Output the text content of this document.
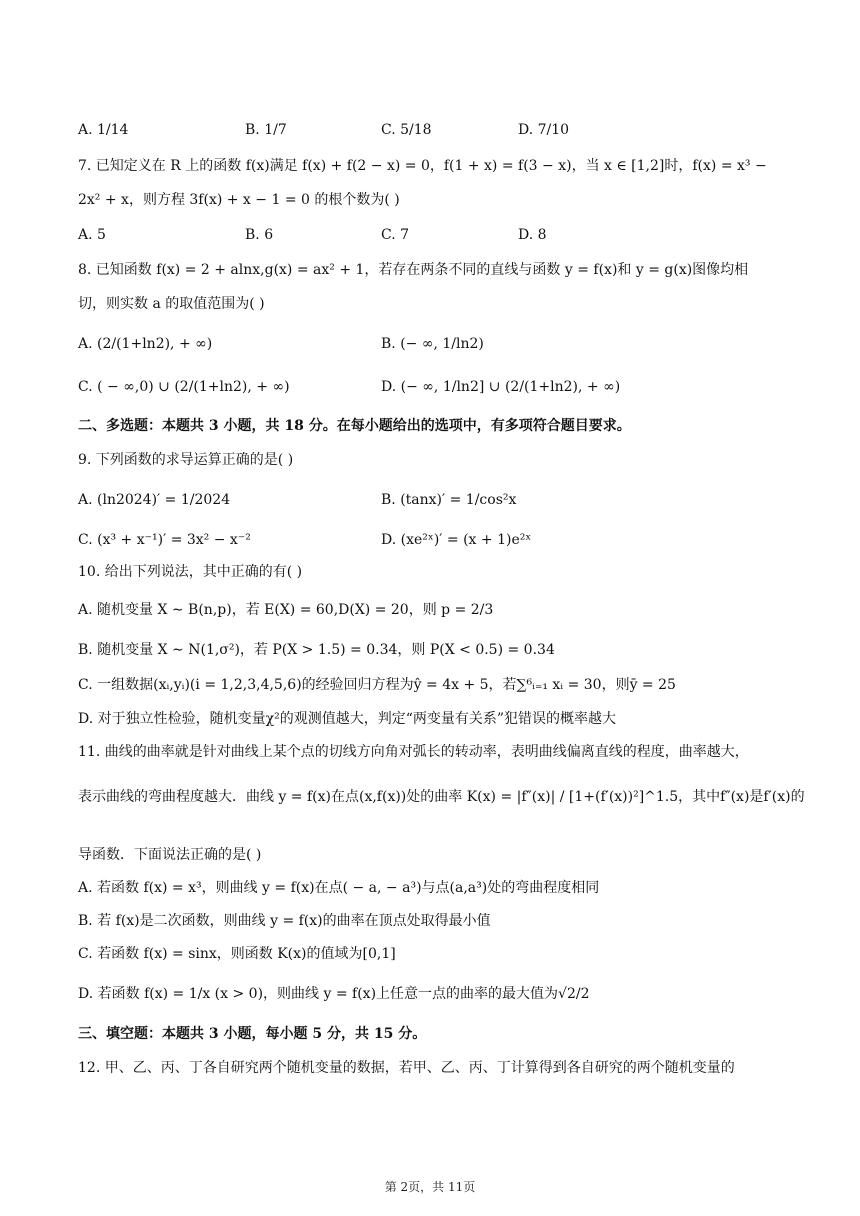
A. 1/14	B. 1/7	C. 5/18	D. 7/10
7. 已知定义在 R 上的函数 f(x)满足 f(x) + f(2 − x) = 0，f(1 + x) = f(3 − x)，当 x ∈ [1,2]时，f(x) = x³ −
2x² + x，则方程 3f(x) + x − 1 = 0 的根个数为( )
A. 5	B. 6	C. 7	D. 8
8. 已知函数 f(x) = 2 + alnx,g(x) = ax² + 1，若存在两条不同的直线与函数 y = f(x)和 y = g(x)图像均相
切，则实数 a 的取值范围为( )
A. (2/(1+ln2), + ∞)	B. (− ∞, 1/ln2)
C. ( − ∞,0) ∪ (2/(1+ln2), + ∞)	D. (− ∞, 1/ln2] ∪ (2/(1+ln2), + ∞)
二、多选题：本题共 3 小题，共 18 分。在每小题给出的选项中，有多项符合题目要求。
9. 下列函数的求导运算正确的是( )
A. (ln2024)′ = 1/2024	B. (tanx)′ = 1/cos²x
C. (x³ + x⁻¹)′ = 3x² − x⁻²	D. (xe²ˣ)′ = (x + 1)e²ˣ
10. 给出下列说法，其中正确的有( )
A. 随机变量 X ∼ B(n,p)，若 E(X) = 60,D(X) = 20，则 p = 2/3
B. 随机变量 X ∼ N(1,σ²)，若 P(X > 1.5) = 0.34，则 P(X < 0.5) = 0.34
C. 一组数据(xᵢ,yᵢ)(i = 1,2,3,4,5,6)的经验回归方程为ŷ = 4x + 5，若∑⁶ᵢ₌₁ xᵢ = 30，则ȳ = 25
D. 对于独立性检验，随机变量χ²的观测值越大，判定“两变量有关系”犯错误的概率越大
11. 曲线的曲率就是针对曲线上某个点的切线方向角对弧长的转动率，表明曲线偏离直线的程度，曲率越大，
表示曲线的弯曲程度越大．曲线 y = f(x)在点(x,f(x))处的曲率 K(x) = |f″(x)| / [1+(f′(x))²]^1.5，其中f″(x)是f′(x)的
导函数．下面说法正确的是( )
A. 若函数 f(x) = x³，则曲线 y = f(x)在点( − a, − a³)与点(a,a³)处的弯曲程度相同
B. 若 f(x)是二次函数，则曲线 y = f(x)的曲率在顶点处取得最小值
C. 若函数 f(x) = sinx，则函数 K(x)的值域为[0,1]
D. 若函数 f(x) = 1/x (x > 0)，则曲线 y = f(x)上任意一点的曲率的最大值为√2/2
三、填空题：本题共 3 小题，每小题 5 分，共 15 分。
12. 甲、乙、丙、丁各自研究两个随机变量的数据，若甲、乙、丙、丁计算得到各自研究的两个随机变量的
第 2页，共 11页
